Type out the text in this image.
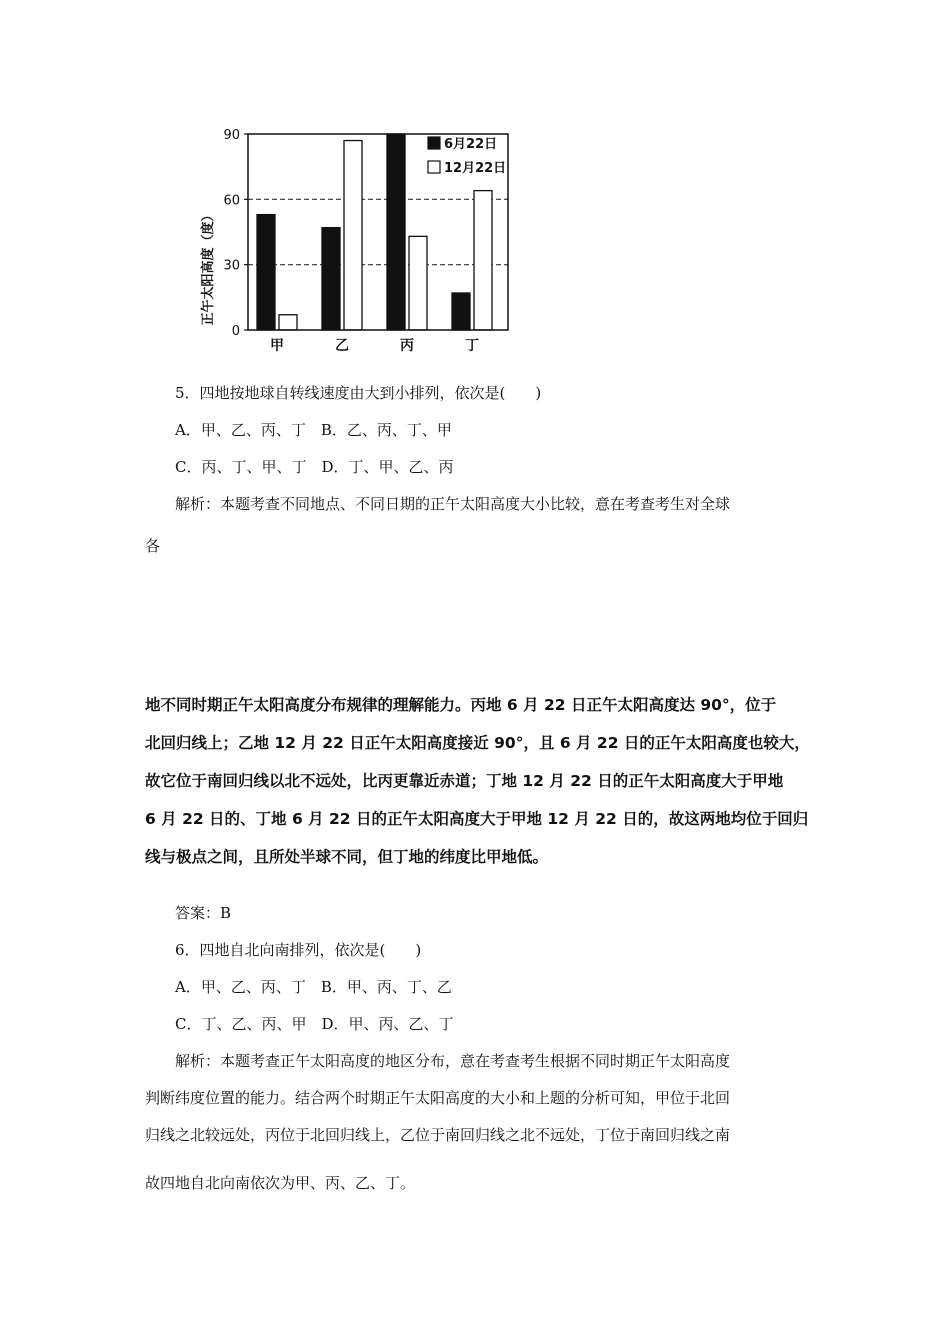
甲	乙	丙	丁
0
30
60
90
6月22日
12月22日
正午太阳高度（度）
5．四地按地球自转线速度由大到小排列，依次是(　　)
A．甲、乙、丙、丁　B．乙、丙、丁、甲
C．丙、丁、甲、丁　D．丁、甲、乙、丙
解析：本题考查不同地点、不同日期的正午太阳高度大小比较，意在考查考生对全球
各
地不同时期正午太阳高度分布规律的理解能力。丙地 6 月 22 日正午太阳高度达 90°，位于
北回归线上；乙地 12 月 22 日正午太阳高度接近 90°，且 6 月 22 日的正午太阳高度也较大，
故它位于南回归线以北不远处，比丙更靠近赤道；丁地 12 月 22 日的正午太阳高度大于甲地
6 月 22 日的、丁地 6 月 22 日的正午太阳高度大于甲地 12 月 22 日的，故这两地均位于回归
线与极点之间，且所处半球不同，但丁地的纬度比甲地低。
答案：B
6．四地自北向南排列，依次是(　　)
A．甲、乙、丙、丁　B．甲、丙、丁、乙
C．丁、乙、丙、甲　D．甲、丙、乙、丁
解析：本题考查正午太阳高度的地区分布，意在考查考生根据不同时期正午太阳高度
判断纬度位置的能力。结合两个时期正午太阳高度的大小和上题的分析可知，甲位于北回
归线之北较远处，丙位于北回归线上，乙位于南回归线之北不远处，丁位于南回归线之南
故四地自北向南依次为甲、丙、乙、丁。
